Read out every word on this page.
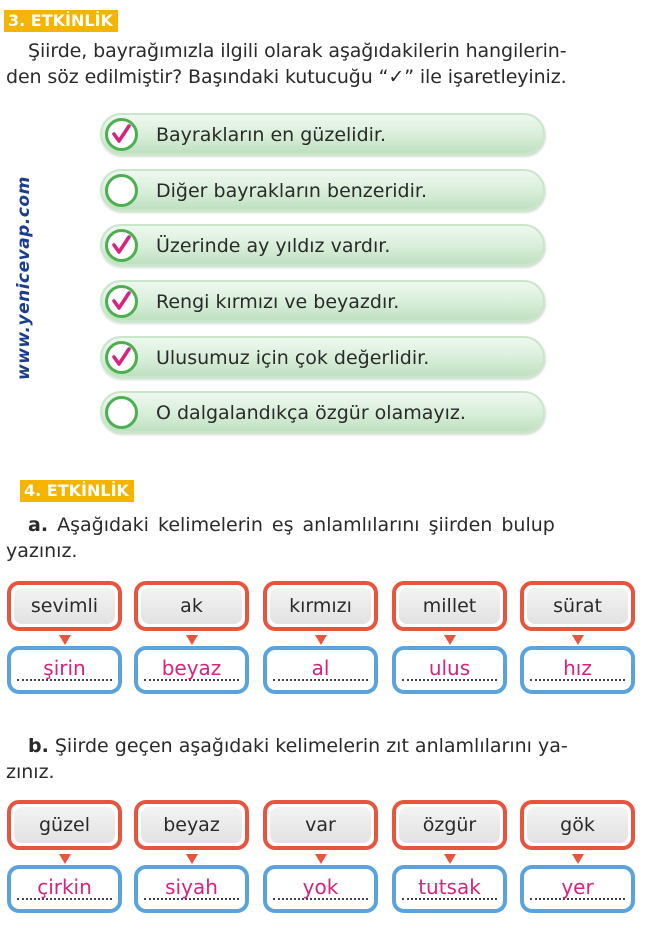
3. ETKİNLİK
Şiirde, bayrağımızla ilgili olarak aşağıdakilerin hangilerin-
den söz edilmiştir? Başındaki kutucuğu “✓” ile işaretleyiniz.
www.yenicevap.com
Bayrakların en güzelidir.
Diğer bayrakların benzeridir.
Üzerinde ay yıldız vardır.
Rengi kırmızı ve beyazdır.
Ulusumuz için çok değerlidir.
O dalgalandıkça özgür olamayız.
4. ETKİNLİK
a. Aşağıdaki kelimelerin eş anlamlılarını şiirden bulup
yazınız.
sevimli	ak	kırmızı	millet	sürat
şirin	beyaz	al	ulus	hız
b. Şiirde geçen aşağıdaki kelimelerin zıt anlamlılarını ya-
zınız.
güzel	beyaz	var	özgür	gök
çirkin	siyah	yok	tutsak	yer
